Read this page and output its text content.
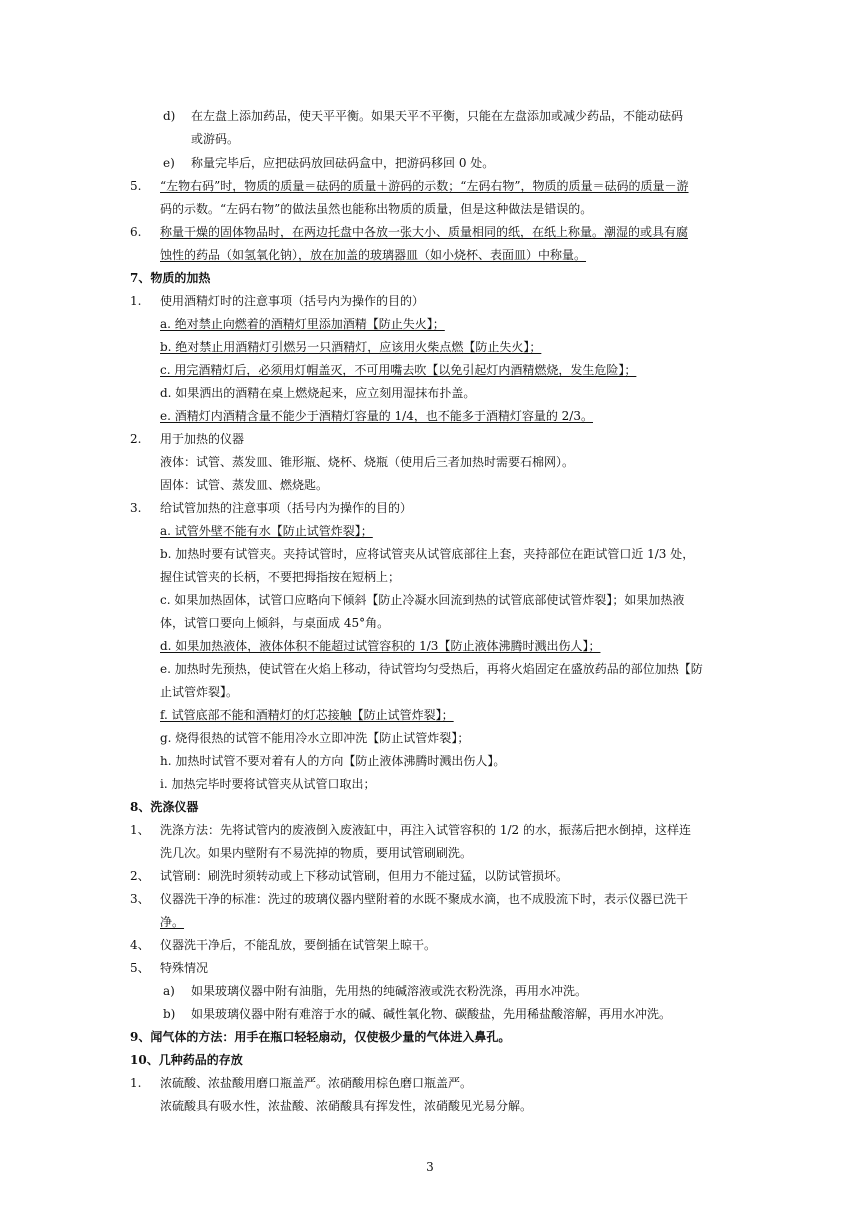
d) 在左盘上添加药品，使天平平衡。如果天平不平衡，只能在左盘添加或减少药品，不能动砝码
或游码。
e) 称量完毕后，应把砝码放回砝码盒中，把游码移回 0 处。
5. “左物右码”时，物质的质量＝砝码的质量＋游码的示数；“左码右物”，物质的质量＝砝码的质量－游
码的示数。“左码右物”的做法虽然也能称出物质的质量，但是这种做法是错误的。
6. 称量干燥的固体物品时，在两边托盘中各放一张大小、质量相同的纸，在纸上称量。潮湿的或具有腐
蚀性的药品（如氢氧化钠），放在加盖的玻璃器皿（如小烧杯、表面皿）中称量。
7、物质的加热
1. 使用酒精灯时的注意事项（括号内为操作的目的）
a. 绝对禁止向燃着的酒精灯里添加酒精【防止失火】；
b. 绝对禁止用酒精灯引燃另一只酒精灯，应该用火柴点燃【防止失火】；
c. 用完酒精灯后，必须用灯帽盖灭，不可用嘴去吹【以免引起灯内酒精燃烧，发生危险】；
d. 如果洒出的酒精在桌上燃烧起来，应立刻用湿抹布扑盖。
e. 酒精灯内酒精含量不能少于酒精灯容量的 1/4，也不能多于酒精灯容量的 2/3。
2. 用于加热的仪器
液体：试管、蒸发皿、锥形瓶、烧杯、烧瓶（使用后三者加热时需要石棉网）。
固体：试管、蒸发皿、燃烧匙。
3. 给试管加热的注意事项（括号内为操作的目的）
a. 试管外壁不能有水【防止试管炸裂】；
b. 加热时要有试管夹。夹持试管时，应将试管夹从试管底部往上套，夹持部位在距试管口近 1/3 处，
握住试管夹的长柄，不要把拇指按在短柄上；
c. 如果加热固体，试管口应略向下倾斜【防止冷凝水回流到热的试管底部使试管炸裂】；如果加热液
体，试管口要向上倾斜，与桌面成 45°角。
d. 如果加热液体，液体体积不能超过试管容积的 1/3【防止液体沸腾时溅出伤人】；
e. 加热时先预热，使试管在火焰上移动，待试管均匀受热后，再将火焰固定在盛放药品的部位加热【防
止试管炸裂】。
f. 试管底部不能和酒精灯的灯芯接触【防止试管炸裂】；
g. 烧得很热的试管不能用冷水立即冲洗【防止试管炸裂】；
h. 加热时试管不要对着有人的方向【防止液体沸腾时溅出伤人】。
i. 加热完毕时要将试管夹从试管口取出；
8、洗涤仪器
1、 洗涤方法：先将试管内的废液倒入废液缸中，再注入试管容积的 1/2 的水，振荡后把水倒掉，这样连
洗几次。如果内壁附有不易洗掉的物质，要用试管刷刷洗。
2、 试管刷：刷洗时须转动或上下移动试管刷，但用力不能过猛，以防试管损坏。
3、 仪器洗干净的标准：洗过的玻璃仪器内壁附着的水既不聚成水滴，也不成股流下时，表示仪器已洗干
净。
4、 仪器洗干净后，不能乱放，要倒插在试管架上晾干。
5、 特殊情况
a) 如果玻璃仪器中附有油脂，先用热的纯碱溶液或洗衣粉洗涤，再用水冲洗。
b) 如果玻璃仪器中附有难溶于水的碱、碱性氧化物、碳酸盐，先用稀盐酸溶解，再用水冲洗。
9、闻气体的方法：用手在瓶口轻轻扇动，仅使极少量的气体进入鼻孔。
10、几种药品的存放
1. 浓硫酸、浓盐酸用磨口瓶盖严。浓硝酸用棕色磨口瓶盖严。
浓硫酸具有吸水性，浓盐酸、浓硝酸具有挥发性，浓硝酸见光易分解。
3
